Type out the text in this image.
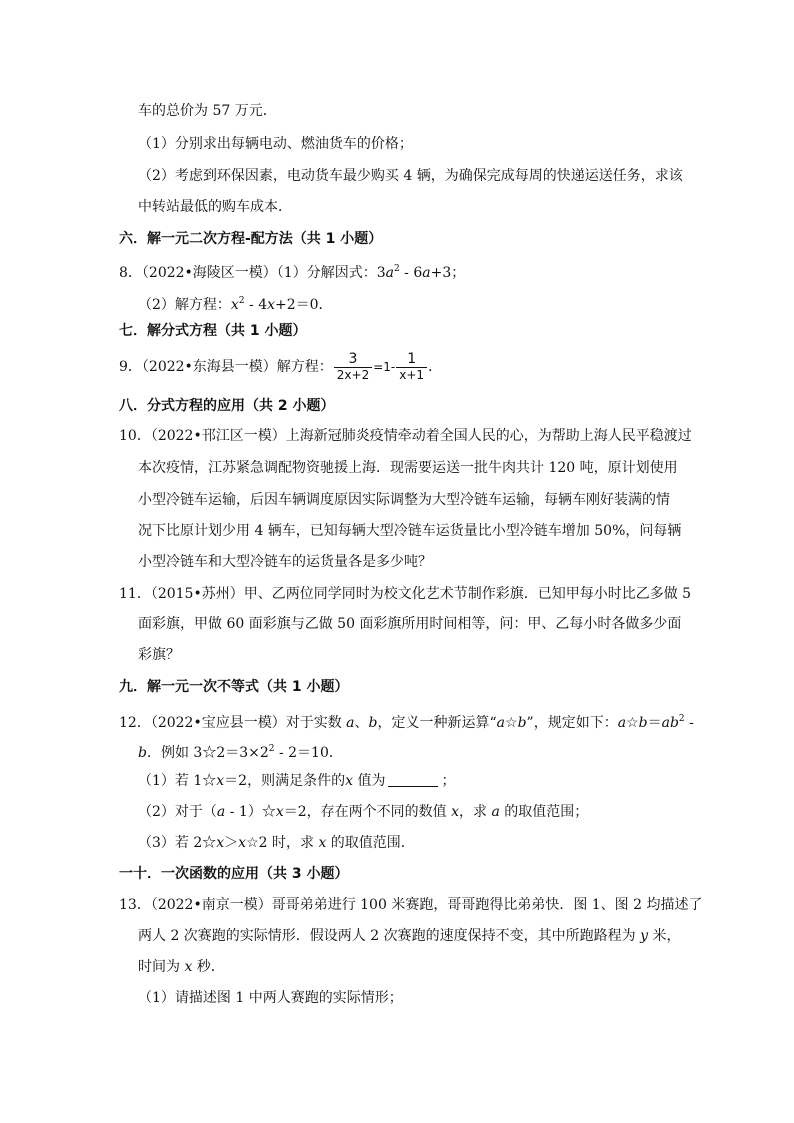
车的总价为 57 万元．
（1）分别求出每辆电动、燃油货车的价格；
（2）考虑到环保因素，电动货车最少购买 4 辆，为确保完成每周的快递运送任务，求该
中转站最低的购车成本．
六．解一元二次方程-配方法（共 1 小题）
8．（2022•海陵区一模）（1）分解因式：$3a^2 - 6a+3$；
（2）解方程：$x^2 - 4x+2=0$．
七．解分式方程（共 1 小题）
9．（2022•东海县一模）解方程： $\frac{3}{2x+2} =1- \frac{1}{x+1}$ ．
八．分式方程的应用（共 2 小题）
10．（2022•邗江区一模）上海新冠肺炎疫情牵动着全国人民的心，为帮助上海人民平稳渡过
本次疫情，江苏紧急调配物资驰援上海．现需要运送一批牛肉共计 120 吨，原计划使用
小型冷链车运输，后因车辆调度原因实际调整为大型冷链车运输，每辆车刚好装满的情
况下比原计划少用 4 辆车，已知每辆大型冷链车运货量比小型冷链车增加 50%，问每辆
小型冷链车和大型冷链车的运货量各是多少吨？
11．（2015•苏州）甲、乙两位同学同时为校文化艺术节制作彩旗．已知甲每小时比乙多做 5
面彩旗，甲做 60 面彩旗与乙做 50 面彩旗所用时间相等，问：甲、乙每小时各做多少面
彩旗？
九．解一元一次不等式（共 1 小题）
12．（2022•宝应县一模）对于实数 a、b，定义一种新运算“a☆b”，规定如下：$a☆b=ab^2$ -
b．例如 $3☆2=3\times 2^2 - 2=10$．
（1）若 1☆x＝2，则满足条件的x 值为	；
（2）对于（a - 1）☆x＝2，存在两个不同的数值 x，求 a 的取值范围；
（3）若 2☆x＞x☆2 时，求 x 的取值范围．
一十．一次函数的应用（共 3 小题）
13．（2022•南京一模）哥哥弟弟进行 100 米赛跑，哥哥跑得比弟弟快．图 1、图 2 均描述了
两人 2 次赛跑的实际情形．假设两人 2 次赛跑的速度保持不变，其中所跑路程为 y 米，
时间为 x 秒．
（1）请描述图 1 中两人赛跑的实际情形；
